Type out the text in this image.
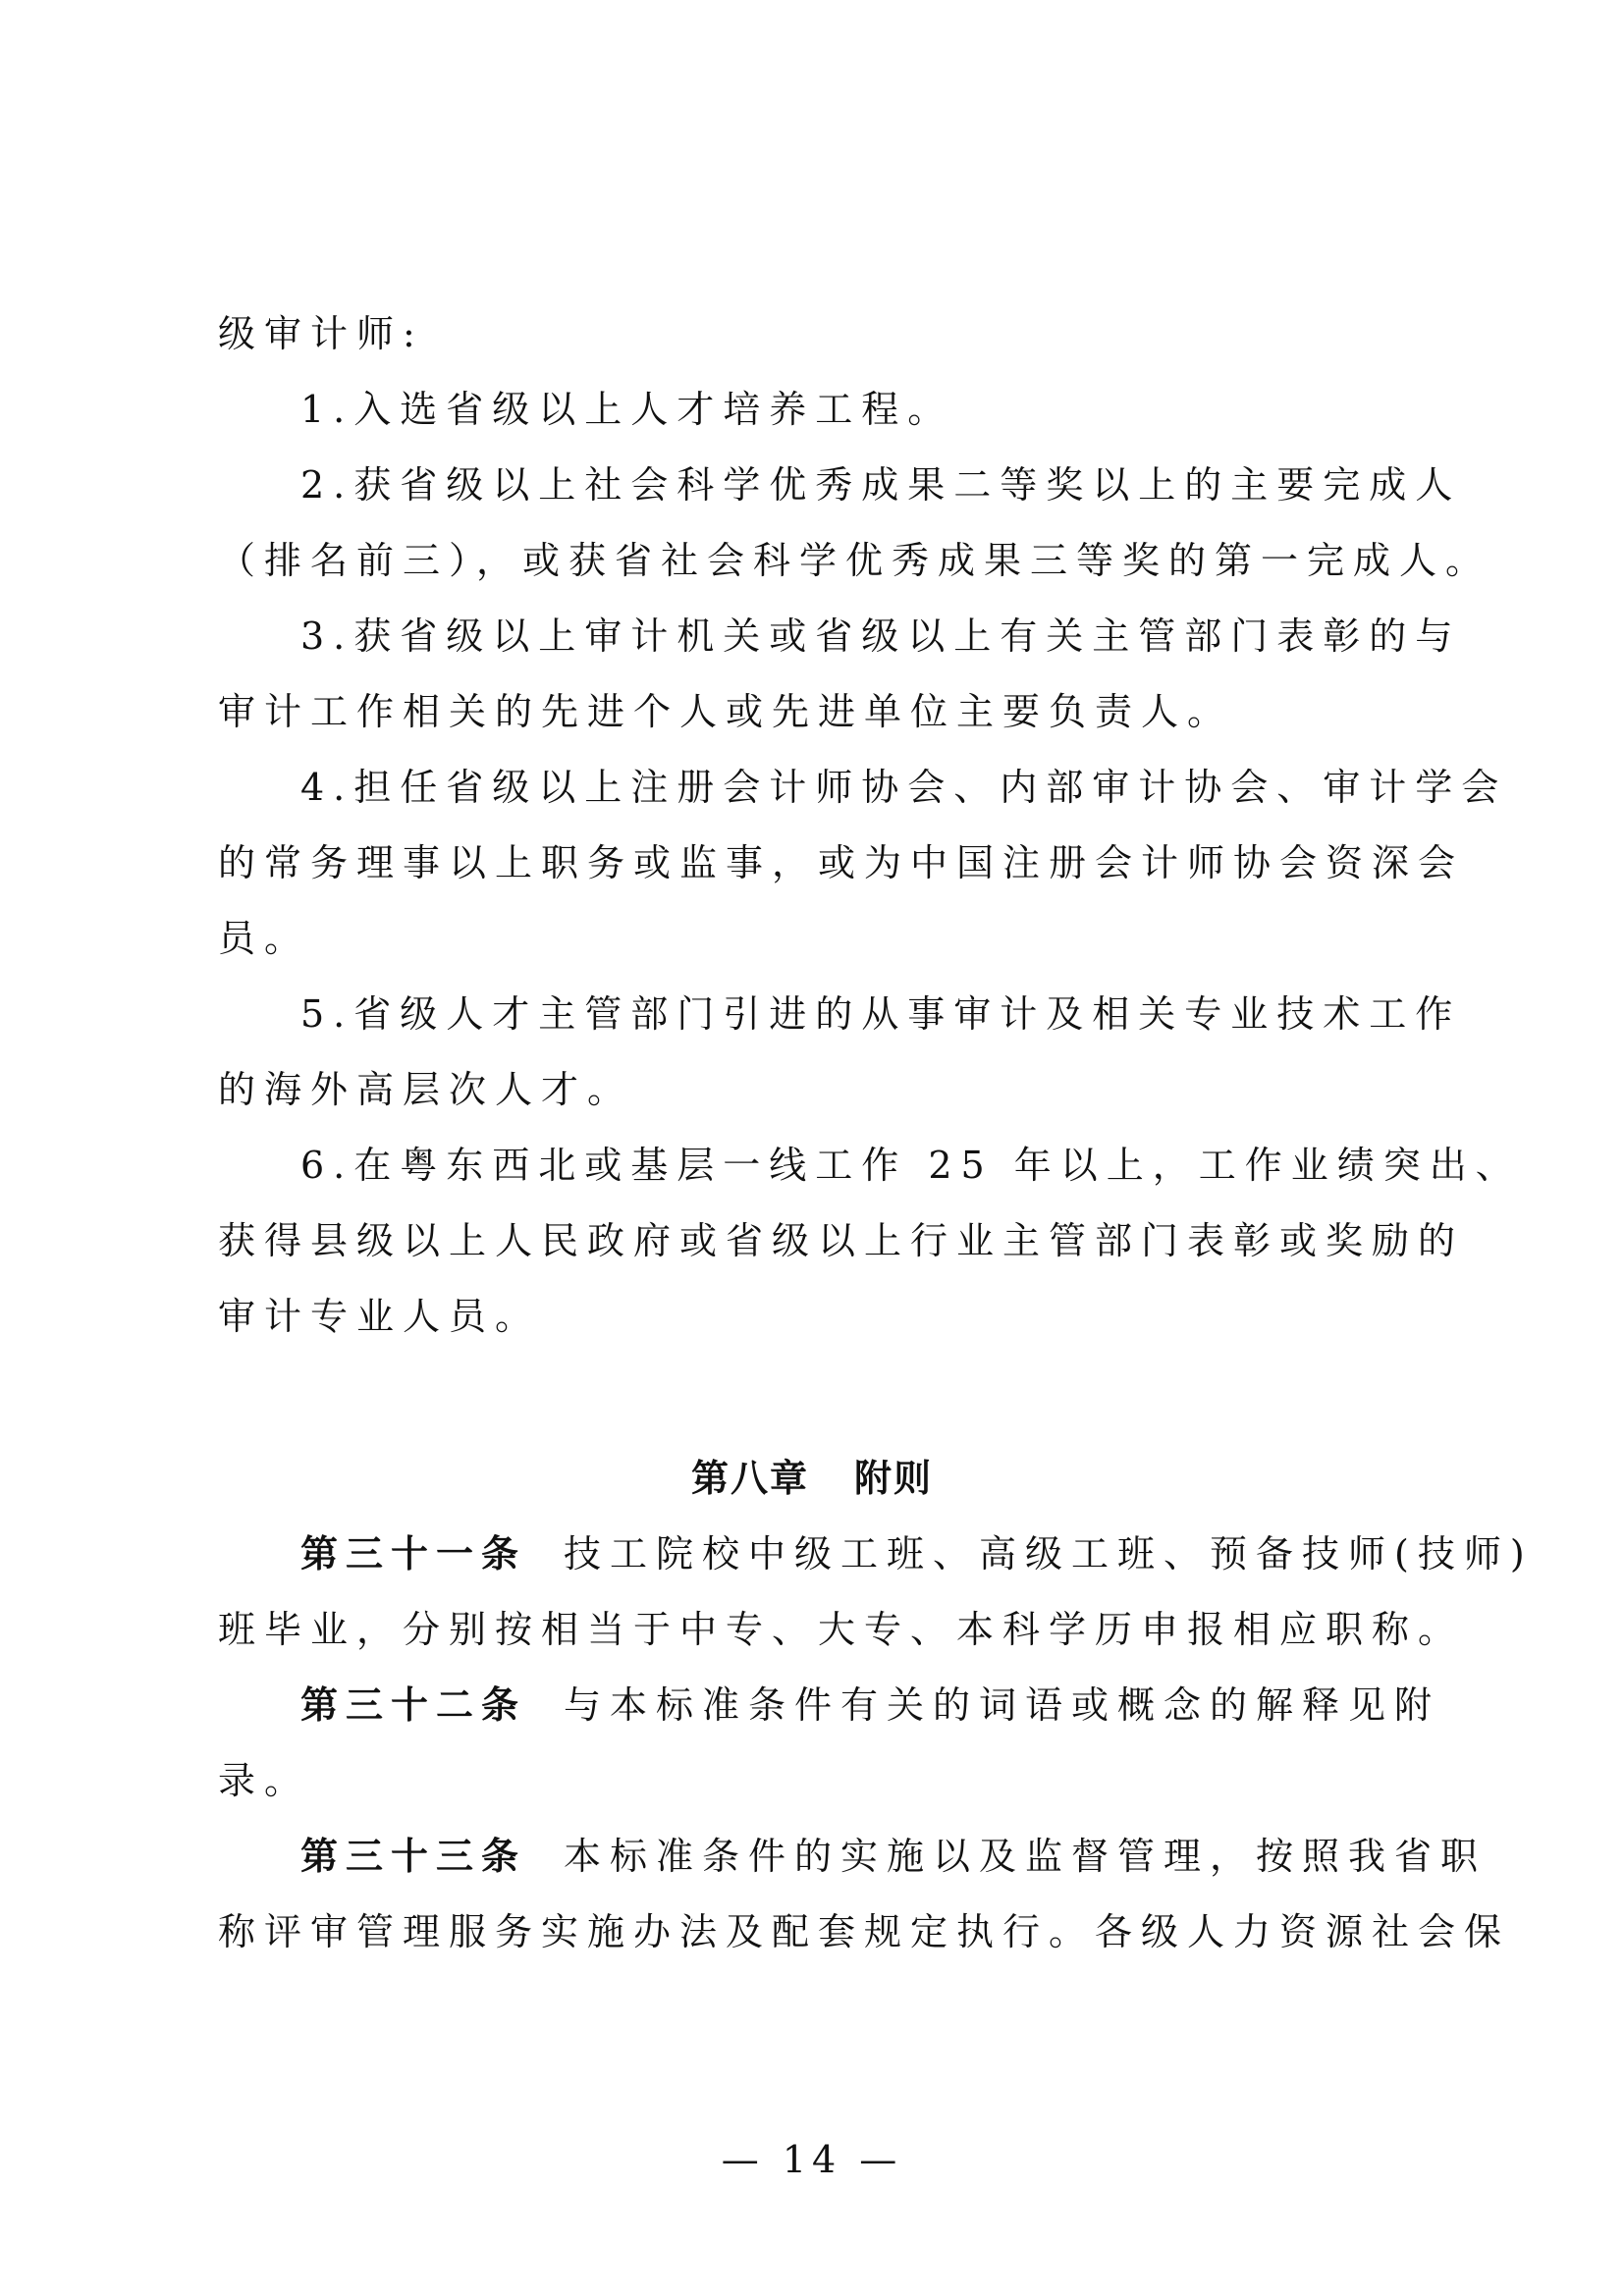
级审计师:
1.入选省级以上人才培养工程。
2.获省级以上社会科学优秀成果二等奖以上的主要完成人
（排名前三），或获省社会科学优秀成果三等奖的第一完成人。
3.获省级以上审计机关或省级以上有关主管部门表彰的与
审计工作相关的先进个人或先进单位主要负责人。
4.担任省级以上注册会计师协会、内部审计协会、审计学会
的常务理事以上职务或监事，或为中国注册会计师协会资深会
员。
5.省级人才主管部门引进的从事审计及相关专业技术工作
的海外高层次人才。
6.在粤东西北或基层一线工作 25 年以上，工作业绩突出、
获得县级以上人民政府或省级以上行业主管部门表彰或奖励的
审计专业人员。
第八章 附则
第三十一条 技工院校中级工班、高级工班、预备技师(技师)
班毕业，分别按相当于中专、大专、本科学历申报相应职称。
第三十二条 与本标准条件有关的词语或概念的解释见附
录。
第三十三条 本标准条件的实施以及监督管理，按照我省职
称评审管理服务实施办法及配套规定执行。各级人力资源社会保
— 14 —
